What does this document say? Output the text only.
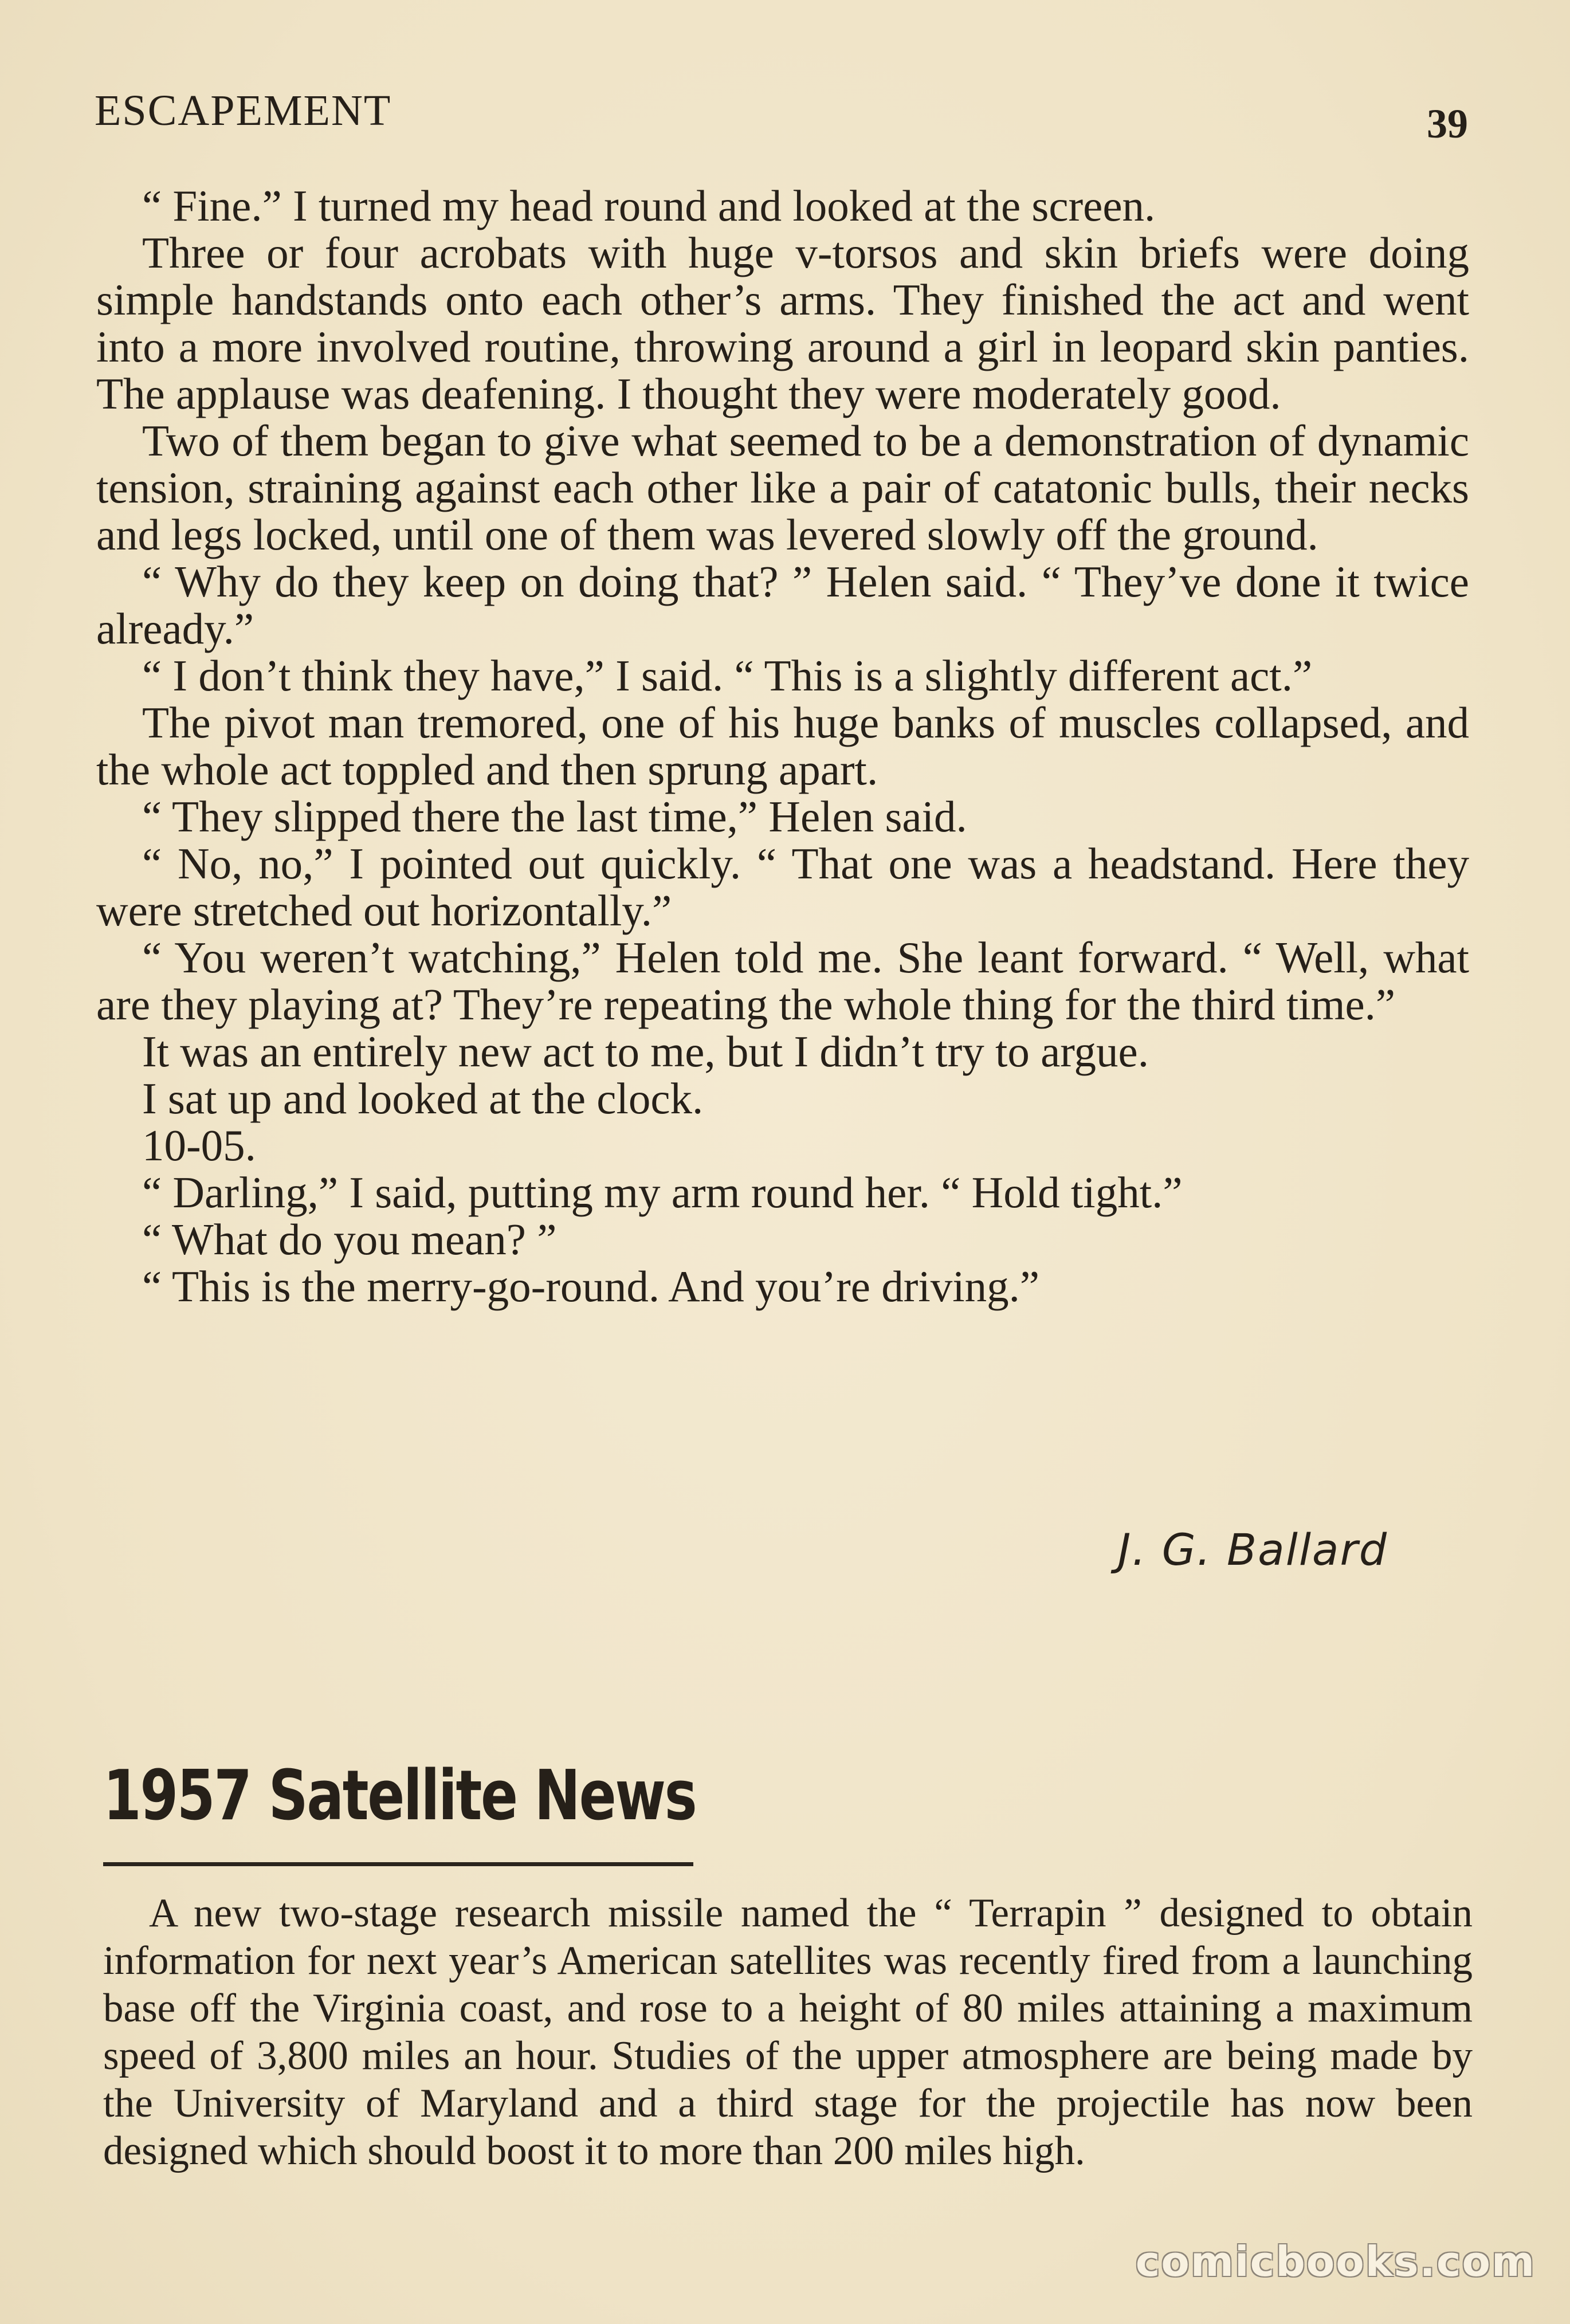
ESCAPEMENT	39

“ Fine.” I turned my head round and looked at the screen.

Three or four acrobats with huge v-torsos and skin briefs were doing simple handstands onto each other’s arms. They finished the act and went into a more involved routine, throwing around a girl in leopard skin panties. The applause was deafening. I thought they were moderately good.

Two of them began to give what seemed to be a demonstration of dynamic tension, straining against each other like a pair of catatonic bulls, their necks and legs locked, until one of them was levered slowly off the ground.

“ Why do they keep on doing that? ” Helen said. “ They’ve done it twice already.”

“ I don’t think they have,” I said. “ This is a slightly different act.”

The pivot man tremored, one of his huge banks of muscles collapsed, and the whole act toppled and then sprung apart.

“ They slipped there the last time,” Helen said.

“ No, no,” I pointed out quickly. “ That one was a headstand. Here they were stretched out horizontally.”

“ You weren’t watching,” Helen told me. She leant forward. “ Well, what are they playing at? They’re repeating the whole thing for the third time.”

It was an entirely new act to me, but I didn’t try to argue.

I sat up and looked at the clock.

10-05.

“ Darling,” I said, putting my arm round her. “ Hold tight.”

“ What do you mean? ”

“ This is the merry-go-round. And you’re driving.”

J. G. Ballard
1957 Satellite News

A new two-stage research missile named the “ Terrapin ” designed to obtain information for next year’s American satellites was recently fired from a launching base off the Virginia coast, and rose to a height of 80 miles attaining a maximum speed of 3,800 miles an hour. Studies of the upper atmosphere are being made by the University of Maryland and a third stage for the projectile has now been designed which should boost it to more than 200 miles high.

comicbooks.com
